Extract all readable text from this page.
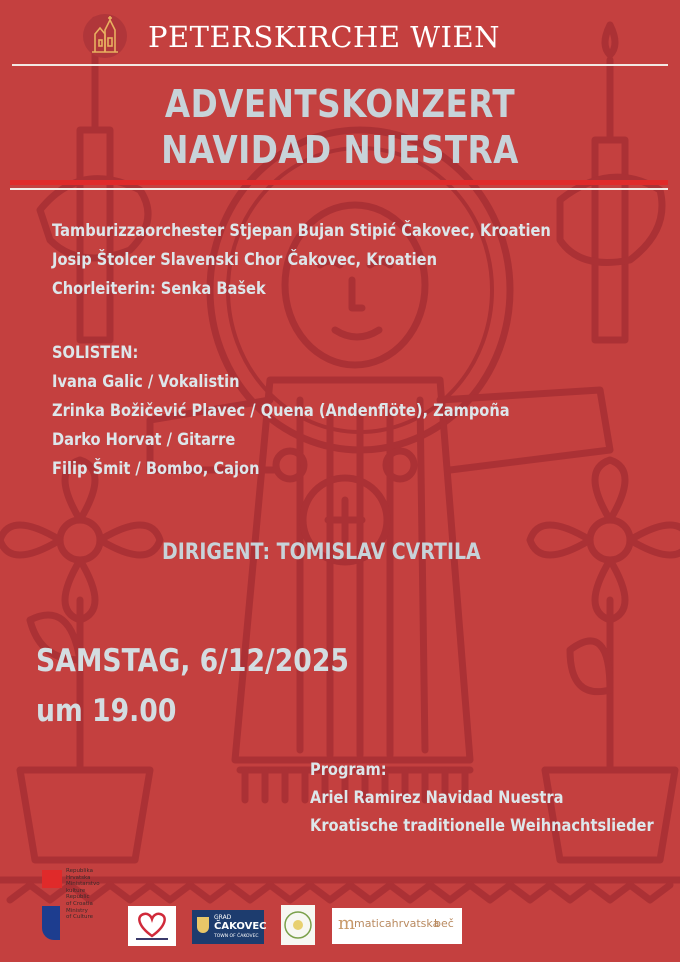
PETERSKIRCHE WIEN
ADVENTSKONZERT
NAVIDAD NUESTRA
Tamburizzaorchester Stjepan Bujan Stipić Čakovec, Kroatien
Josip Štolcer Slavenski Chor Čakovec, Kroatien
Chorleiterin: Senka Bašek
SOLISTEN:
Ivana Galic / Vokalistin
Zrinka Božičević Plavec / Quena (Andenflöte), Zampoña
Darko Horvat / Gitarre
Filip Šmit / Bombo, Cajon
DIRIGENT: TOMISLAV CVRTILA
SAMSTAG, 6/12/2025
um 19.00
Program:
Ariel Ramirez Navidad Nuestra
Kroatische traditionelle Weihnachtslieder
Republika
Hrvatska
Ministarstvo
kulture
Republic
of Croatia
Ministry
of Culture	GRAD
ČAKOVEC
TOWN OF ČAKOVEC
m
maticahrvatska
beč
